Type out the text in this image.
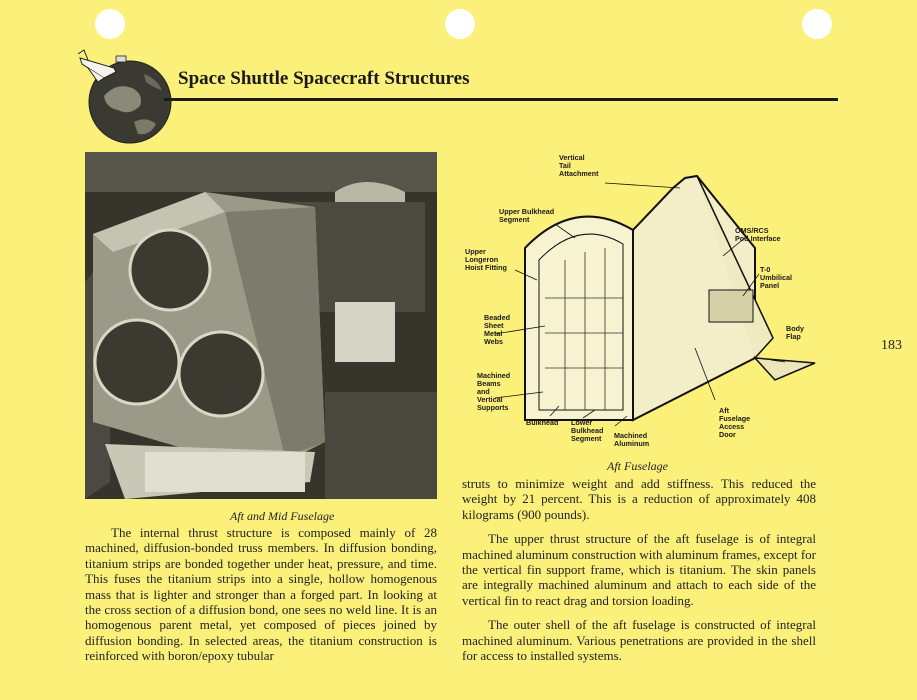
Space Shuttle Spacecraft Structures
Aft and Mid Fuselage
Vertical
Tail
Attachment
Upper Bulkhead
Segment
Upper
Longeron
Hoist Fitting
OMS/RCS
Pod Interface
T-0
Umbilical
Panel
Beaded
Sheet
Metal
Webs
Body
Flap
Machined
Beams
and
Vertical
Supports
Bulkhead Lower
Bulkhead
Segment Machined
Aluminum
Aft
Fuselage
Access
Door
Aft Fuselage
183

The internal thrust structure is composed mainly of 28 machined, diffusion-bonded truss members. In diffusion bonding, titanium strips are bonded together under heat, pressure, and time. This fuses the titanium strips into a single, hollow homogenous mass that is lighter and stronger than a forged part. In looking at the cross section of a diffusion bond, one sees no weld line. It is an homogenous parent metal, yet composed of pieces joined by diffusion bonding. In selected areas, the titanium construction is reinforced with boron/epoxy tubular

struts to minimize weight and add stiffness. This reduced the weight by 21 percent. This is a reduction of approximately 408 kilograms (900 pounds).

The upper thrust structure of the aft fuselage is of integral machined aluminum construction with aluminum frames, except for the vertical fin support frame, which is titanium. The skin panels are integrally machined aluminum and attach to each side of the vertical fin to react drag and torsion loading.

The outer shell of the aft fuselage is constructed of integral machined aluminum. Various penetrations are provided in the shell for access to installed systems.
